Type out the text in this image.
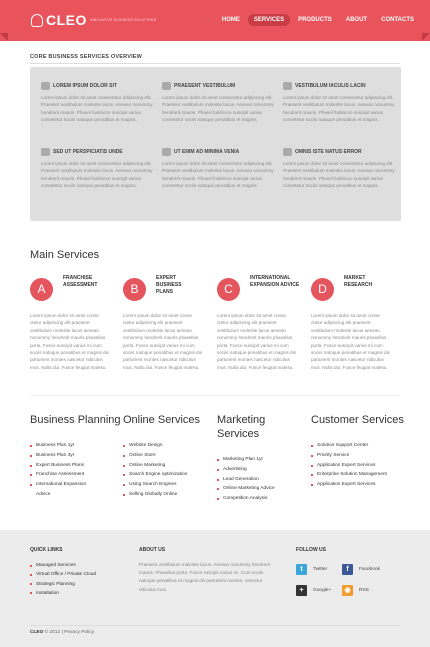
CLEO INNOVATIVE BUSINESS SOLUTIONS	HOME	SERVICES	PRODUCTS	ABOUT	CONTACTS
CORE BUSINESS SERVICES OVERVIEW
LOREM IPSUM DOLOR SIT
Lorem ipsum dolor sit amet consectetur adipiscing elit. Praesent vestibulum molestie lacus. Aenean nonummy hendrerit mauris. Phasel fusilsicce suscipit varius consetetur sociis natoque penatibus et magnis.
PRAESENT VESTIBULUM
Lorem ipsum dolor sit amet consectetur adipiscing elit. Praesent vestibulum molestie lacus. Aenean nonummy hendrerit mauris. Phasel fusilsicce suscipit varius consetetur sociis natoque penatibus et magnis.
VESTIBULUM IACULIS LACIN
Lorem ipsum dolor sit amet consectetur adipiscing elit. Praesent vestibulum molestie lacus. Aenean nonummy hendrerit mauris. Phasel fusilsicce suscipit varius consetetur sociis natoque penatibus et magnis.
SED UT PERSPICIATIS UNDE
Lorem ipsum dolor sit amet consectetur adipiscing elit. Praesent vestibulum molestie lacus. Aenean nonummy hendrerit mauris. Phasel fusilsicce suscipit varius consetetur sociis natoque penatibus et magnis.
UT ENIM AD MINIMA VENIA
Lorem ipsum dolor sit amet consectetur adipiscing elit. Praesent vestibulum molestie lacus. Aenean nonummy hendrerit mauris. Phasel fusilsicce suscipit varius consetetur sociis natoque penatibus et magnis.
OMNIS ISTE NATUS ERROR
Lorem ipsum dolor sit amet consectetur adipiscing elit. Praesent vestibulum molestie lacus. Aenean nonummy hendrerit mauris. Phasel fusilsicce suscipit varius consetetur sociis natoque penatibus et magnis.
Main Services
A
FRANCHISE ASSESSMENT
Lorem ipsum dolor sit amet conse ctetur adipiscing elit praesent vestibulum molestie lacus aenean nonummy hendrerit mauris phasellus porta. Fusce suscipit varius mi cum sociis natoque penatibus et magnis dis parturient montes nascetur ridiculus mus. Nulla dui. Fusce feugiat malesu.
B
EXPERT BUSINESS PLANS
Lorem ipsum dolor sit amet conse ctetur adipiscing elit praesent vestibulum molestie lacus aenean nonummy hendrerit mauris phasellus porta. Fusce suscipit varius mi cum sociis natoque penatibus et magnis dis parturient montes nascetur ridiculus mus. Nulla dui. Fusce feugiat malesu.
C
INTERNATIONAL EXPANSION ADVICE
Lorem ipsum dolor sit amet conse ctetur adipiscing elit praesent vestibulum molestie lacus aenean nonummy hendrerit mauris phasellus porta. Fusce suscipit varius mi cum sociis natoque penatibus et magnis dis parturient montes nascetur ridiculus mus. Nulla dui. Fusce feugiat malesu.
D
MARKET RESEARCH
Lorem ipsum dolor sit amet conse ctetur adipiscing elit praesent vestibulum molestie lacus aenean nonummy hendrerit mauris phasellus porta. Fusce suscipit varius mi cum sociis natoque penatibus et magnis dis parturient montes nascetur ridiculus mus. Nulla dui. Fusce feugiat malesu.
Business Planning
Business Plan 1yr
Business Plan 3yr
Expert Business Plans
Franchise Assessment
International Expansion Advice
Online Services
Website Design
Online Store
Online Marketing
Search Engine optimization
Using Search Engines
Selling Globally Online
Marketing Services
Marketing Plan 1yr
Advertising
Lead Generation
Online Marketing Advice
Competition Analysis
Customer Services
Solution Support Center
Priority Service
Application Expert Services
Enterprise Solution Management
Application Expert Services
QUICK LINKS
Managed Services
Virtual Office / Private Cloud
Strategic Planning
Installation
ABOUT US
Praesent vestibulum molestie lacus. Aenean nonummy hendrerit mauris. Phasellus porta. Fusce suscipit varius mi. Cum sociis natoque penatibus et magnis dis parturient montes, nascetur ridiculus mus.
FOLLOW US
t	Twitter	f	Facebook
+	Google+	◉	RSS
CLEO © 2012 | Privacy Policy
